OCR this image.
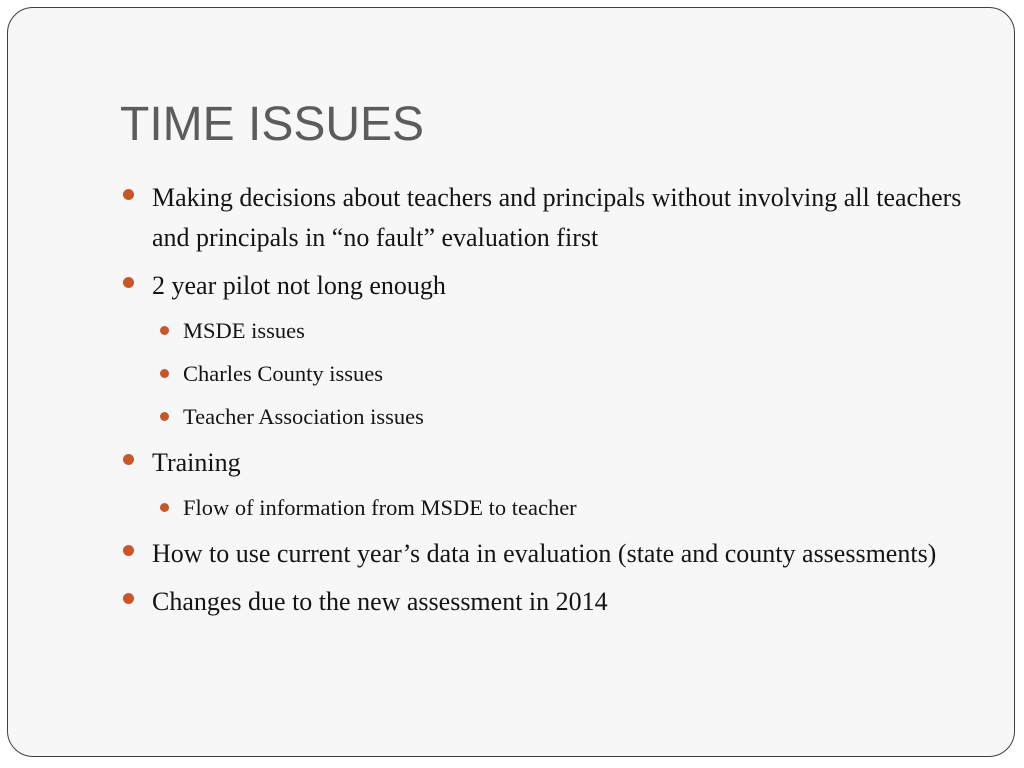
TIME ISSUES
Making decisions about teachers and principals without involving all teachers and principals in “no fault” evaluation first
2 year pilot not long enough
MSDE issues
Charles County issues
Teacher Association issues
Training
Flow of information from MSDE to teacher
How to use current year’s data in evaluation (state and county assessments)
Changes due to the new assessment in 2014
